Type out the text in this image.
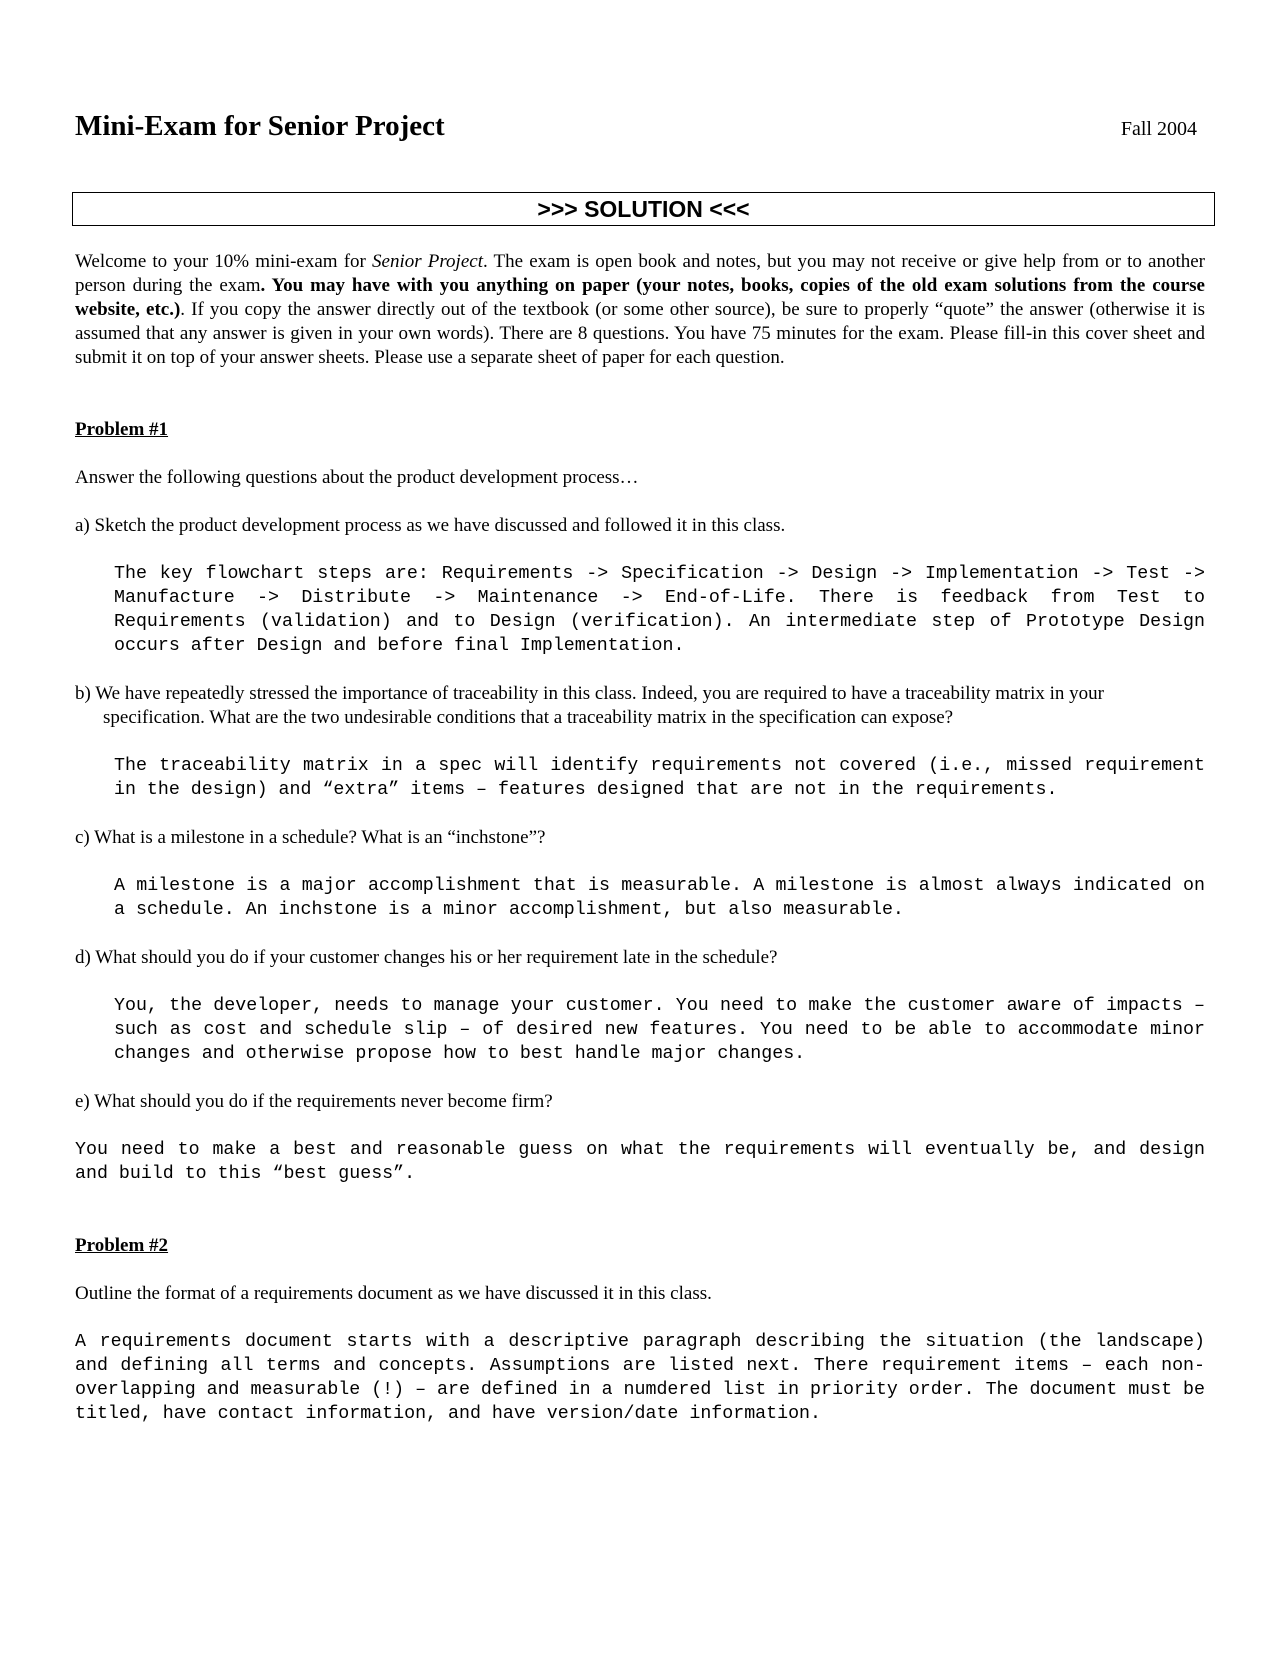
Mini-Exam for Senior Project	Fall 2004
>>> SOLUTION <<<

Welcome to your 10% mini-exam for Senior Project. The exam is open book and notes, but you may not receive or give help from or to another person during the exam. You may have with you anything on paper (your notes, books, copies of the old exam solutions from the course website, etc.). If you copy the answer directly out of the textbook (or some other source), be sure to properly “quote” the answer (otherwise it is assumed that any answer is given in your own words). There are 8 questions. You have 75 minutes for the exam. Please fill-in this cover sheet and submit it on top of your answer sheets. Please use a separate sheet of paper for each question.

Problem #1
Answer the following questions about the product development process…
a) Sketch the product development process as we have discussed and followed it in this class.
The key flowchart steps are: Requirements -> Specification -> Design -> Implementation -> Test -> Manufacture -> Distribute -> Maintenance -> End-of-Life. There is feedback from Test to Requirements (validation) and to Design (verification). An intermediate step of Prototype Design occurs after Design and before final Implementation.
b) We have repeatedly stressed the importance of traceability in this class. Indeed, you are required to have a traceability matrix in your specification. What are the two undesirable conditions that a traceability matrix in the specification can expose?
The traceability matrix in a spec will identify requirements not covered (i.e., missed requirement in the design) and “extra” items – features designed that are not in the requirements.
c) What is a milestone in a schedule? What is an “inchstone”?
A milestone is a major accomplishment that is measurable. A milestone is almost always indicated on a schedule. An inchstone is a minor accomplishment, but also measurable.
d) What should you do if your customer changes his or her requirement late in the schedule?
You, the developer, needs to manage your customer. You need to make the customer aware of impacts – such as cost and schedule slip – of desired new features. You need to be able to accommodate minor changes and otherwise propose how to best handle major changes.
e) What should you do if the requirements never become firm?
You need to make a best and reasonable guess on what the requirements will eventually be, and design and build to this “best guess”.
Problem #2
Outline the format of a requirements document as we have discussed it in this class.
A requirements document starts with a descriptive paragraph describing the situation (the landscape) and defining all terms and concepts. Assumptions are listed next. There requirement items – each non-overlapping and measurable (!) – are defined in a numdered list in priority order. The document must be titled, have contact information, and have version/date information.
